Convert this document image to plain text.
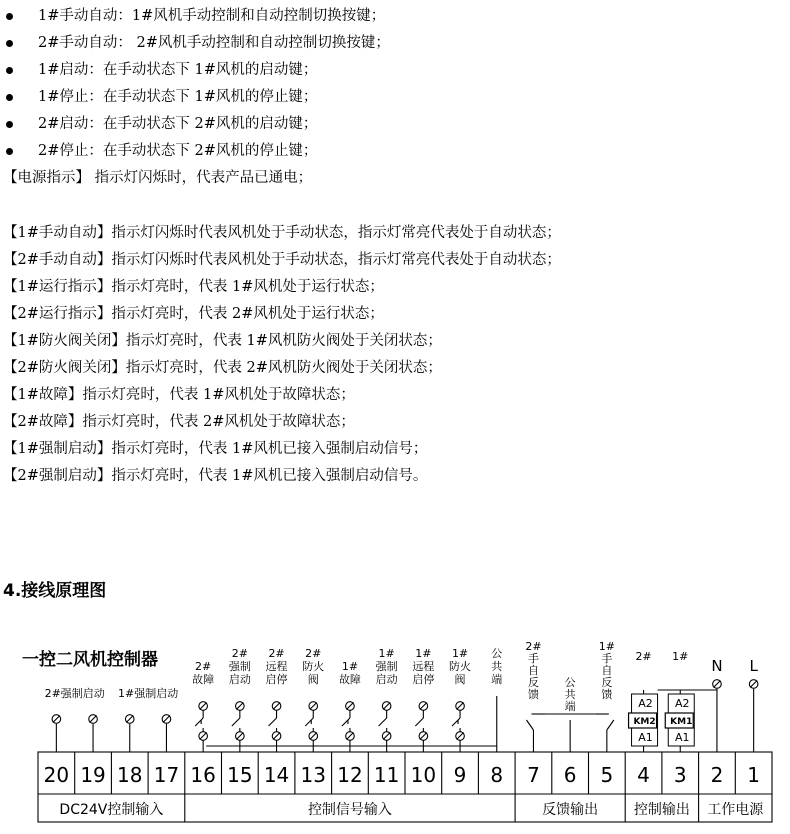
1#手动自动：1#风机手动控制和自动控制切换按键；
2#手动自动： 2#风机手动控制和自动控制切换按键；
1#启动：在手动状态下 1#风机的启动键；
1#停止：在手动状态下 1#风机的停止键；
2#启动：在手动状态下 2#风机的启动键；
2#停止：在手动状态下 2#风机的停止键；
【电源指示】 指示灯闪烁时，代表产品已通电；
【1#手动自动】指示灯闪烁时代表风机处于手动状态，指示灯常亮代表处于自动状态；
【2#手动自动】指示灯闪烁时代表风机处于手动状态，指示灯常亮代表处于自动状态；
【1#运行指示】指示灯亮时，代表 1#风机处于运行状态；
【2#运行指示】指示灯亮时，代表 2#风机处于运行状态；
【1#防火阀关闭】指示灯亮时，代表 1#风机防火阀处于关闭状态；
【2#防火阀关闭】指示灯亮时，代表 2#风机防火阀处于关闭状态；
【1#故障】指示灯亮时，代表 1#风机处于故障状态；
【2#故障】指示灯亮时，代表 2#风机处于故障状态；
【1#强制启动】指示灯亮时，代表 1#风机已接入强制启动信号；
【2#强制启动】指示灯亮时，代表 1#风机已接入强制启动信号。
4.接线原理图
一控二风机控制器
20 19 18 17 16 15 14 13 12 11 10 9 8 7 6 5 4 3 2 1
DC24V控制输入	控制信号输入	反馈输出	控制输出 工作电源
2#强制启动 1#强制启动
2#
故障
2#
强制
启动
2#
远程
启停
2#
防火
阀
1#
故障
1#
强制
启动
1#
远程
启停
1#
防火
阀
公
共
端
2#
手
自
反
馈
公
共
端
1#
手
自
反
馈
2# 1#
A2
KM2
A1
A2
KM1
A1
N L
